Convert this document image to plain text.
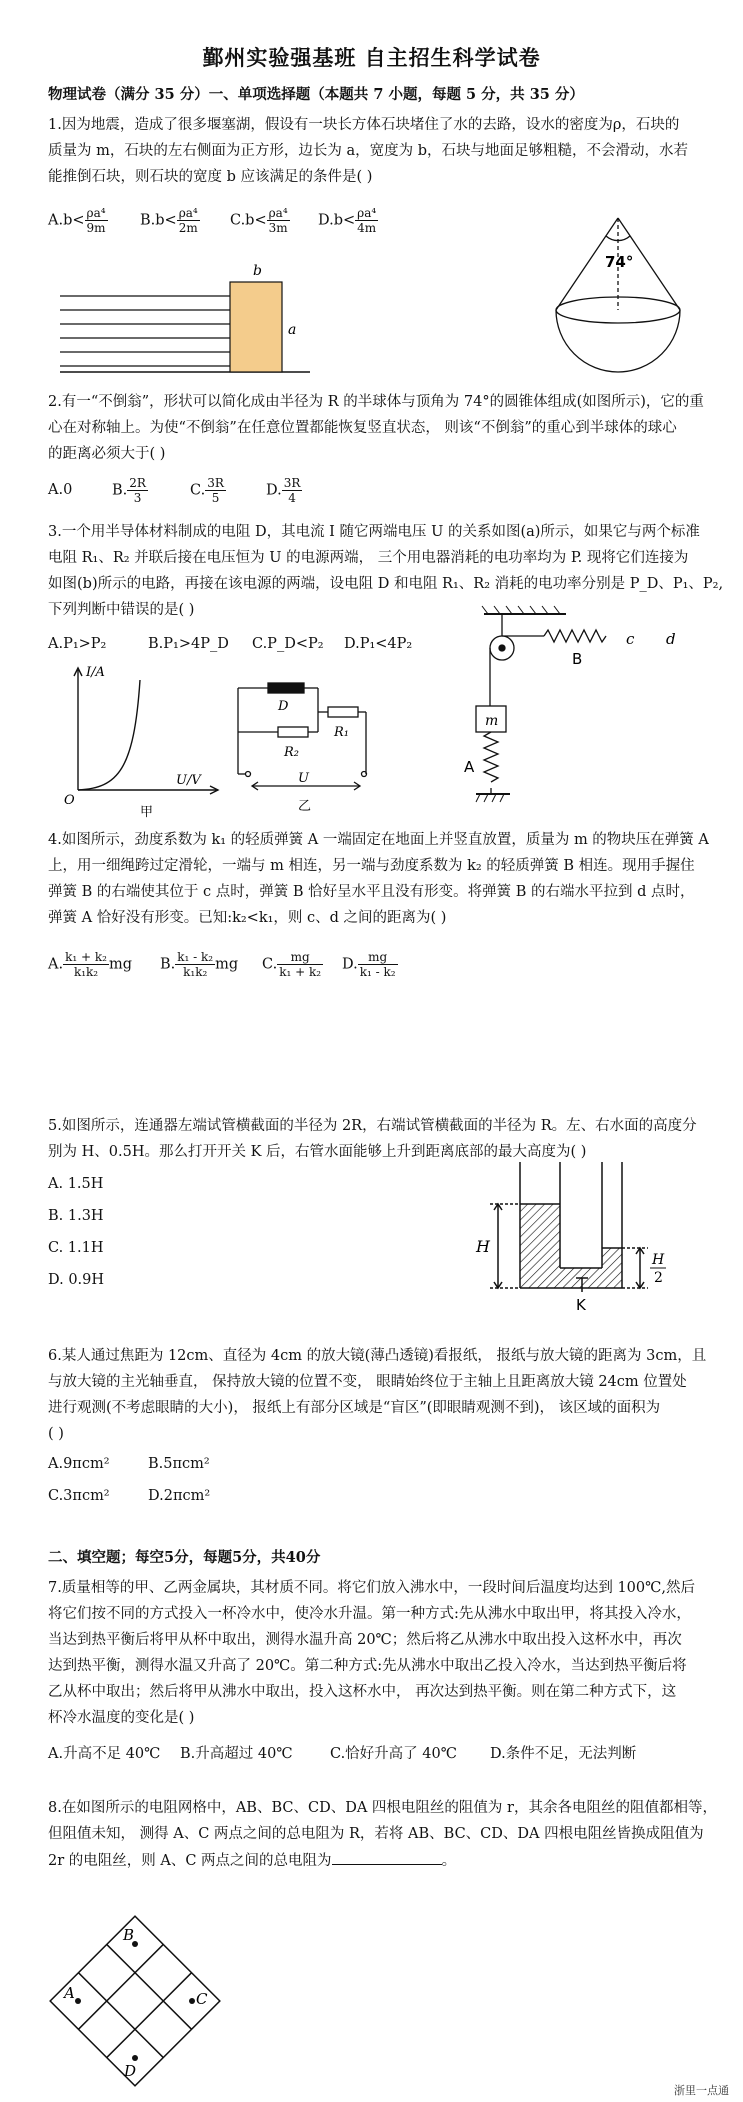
鄞州实验强基班 自主招生科学试卷
物理试卷（满分 35 分）一、单项选择题（本题共 7 小题，每题 5 分，共 35 分）
1.因为地震，造成了很多堰塞湖，假设有一块长方体石块堵住了水的去路，设水的密度为ρ，石块的
质量为 m，石块的左右侧面为正方形，边长为 a，宽度为 b，石块与地面足够粗糙，不会滑动，水若
能推倒石块，则石块的宽度 b 应该满足的条件是( )
$A.b< \frac{\text{ρa⁴}}{9m} B.b< \frac{\text{ρa⁴}}{2m} C.b< \frac{\text{ρa⁴}}{3m} D.b< \frac{\text{ρa⁴}}{4m}$
b
a
74°
2.有一“不倒翁”，形状可以简化成由半径为 R 的半球体与顶角为 74°的圆锥体组成(如图所示)，它的重
心在对称轴上。为使“不倒翁”在任意位置都能恢复竖直状态， 则该“不倒翁”的重心到半球体的球心
的距离必须大于( )
A.0	B. $\frac{2R}{3}$	C. $\frac{3R}{5}$	D. $\frac{3R}{4}$
3.一个用半导体材料制成的电阻 D，其电流 I 随它两端电压 U 的关系如图(a)所示，如果它与两个标准
电阻 R₁、R₂ 并联后接在电压恒为 U 的电源两端， 三个用电器消耗的电功率均为 P. 现将它们连接为
如图(b)所示的电路，再接在该电源的两端，设电阻 D 和电阻 R₁、R₂ 消耗的电功率分别是 P_D、P₁、P₂,
下列判断中错误的是( )
A.P₁>P₂	B.P₁>4P_D C.P_D<P₂ D.P₁<4P₂
I/A
U/V
O
甲
D
R₁
R₂
U
乙
B
c d
m
A
4.如图所示，劲度系数为 k₁ 的轻质弹簧 A 一端固定在地面上并竖直放置，质量为 m 的物块压在弹簧 A
上，用一细绳跨过定滑轮，一端与 m 相连，另一端与劲度系数为 k₂ 的轻质弹簧 B 相连。现用手握住
弹簧 B 的右端使其位于 c 点时，弹簧 B 恰好呈水平且没有形变。将弹簧 B 的右端水平拉到 d 点时，
弹簧 A 恰好没有形变。已知:k₂<k₁，则 c、d 之间的距离为( )
A. $\frac{\text{k₁ + k₂}}{\text{k₁k₂}}$ mg B. $\frac{\text{k₁ - k₂}}{\text{k₁k₂}}$ mg C. $\frac{mg}{\text{k₁ + k₂}} D$. $\frac{mg}{\text{k₁ - k₂}}$
5.如图所示，连通器左端试管横截面的半径为 2R，右端试管横截面的半径为 R。左、右水面的高度分
别为 H、0.5H。那么打开开关 K 后，右管水面能够上升到距离底部的最大高度为( )
A. 1.5H
B. 1.3H
C. 1.1H
D. 0.9H
H
K
H
2
6.某人通过焦距为 12cm、直径为 4cm 的放大镜(薄凸透镜)看报纸， 报纸与放大镜的距离为 3cm，且
与放大镜的主光轴垂直， 保持放大镜的位置不变， 眼睛始终位于主轴上且距离放大镜 24cm 位置处
进行观测(不考虑眼睛的大小)， 报纸上有部分区域是“盲区”(即眼睛观测不到)， 该区域的面积为
( )
A.9πcm²	B.5πcm²
C.3πcm²	D.2πcm²
二、填空题；每空5分，每题5分，共40分
7.质量相等的甲、乙两金属块，其材质不同。将它们放入沸水中，一段时间后温度均达到 100℃,然后
将它们按不同的方式投入一杯冷水中，使冷水升温。第一种方式:先从沸水中取出甲，将其投入冷水，
当达到热平衡后将甲从杯中取出，测得水温升高 20℃；然后将乙从沸水中取出投入这杯水中，再次
达到热平衡，测得水温又升高了 20℃。第二种方式:先从沸水中取出乙投入冷水，当达到热平衡后将
乙从杯中取出；然后将甲从沸水中取出，投入这杯水中， 再次达到热平衡。则在第二种方式下，这
杯冷水温度的变化是( )
A.升高不足 40℃ B.升高超过 40℃	C.恰好升高了 40℃ D.条件不足，无法判断
8.在如图所示的电阻网格中，AB、BC、CD、DA 四根电阻丝的阻值为 r，其余各电阻丝的阻值都相等，
但阻值未知， 测得 A、C 两点之间的总电阻为 R，若将 AB、BC、CD、DA 四根电阻丝皆换成阻值为
2r 的电阻丝，则 A、C 两点之间的总电阻为	。
B
C
D
A
浙里一点通
